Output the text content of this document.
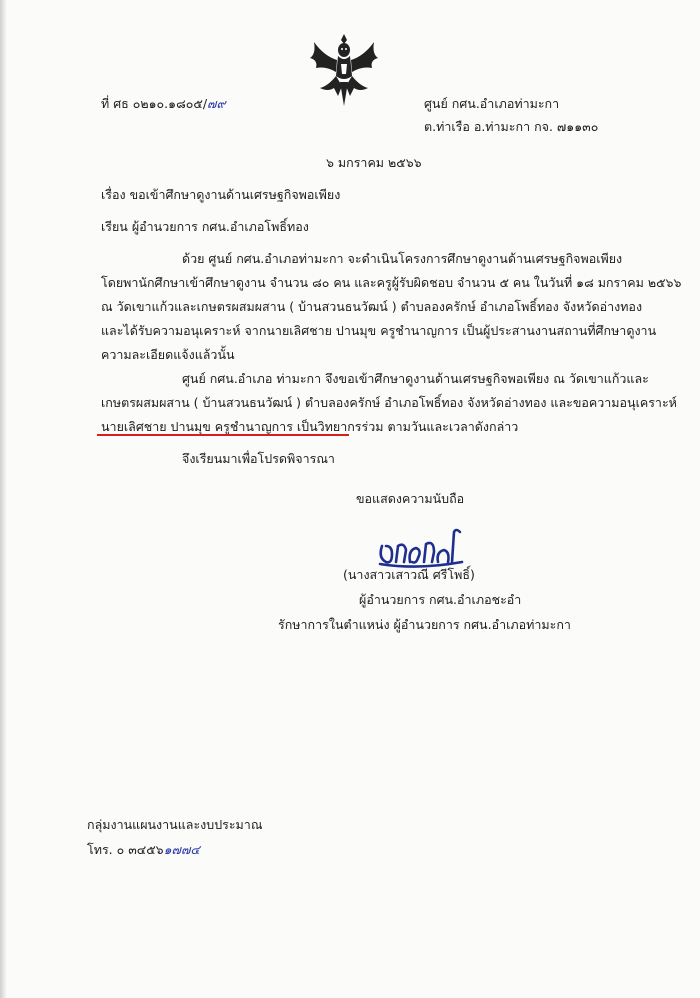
ที่ ศธ ๐๒๑๐.๑๘๐๕/๗๙	ศูนย์ กศน.อำเภอท่ามะกา
ต.ท่าเรือ อ.ท่ามะกา กจ. ๗๑๑๓๐
๖ มกราคม ๒๕๖๖
เรื่อง ขอเข้าศึกษาดูงานด้านเศรษฐกิจพอเพียง
เรียน ผู้อำนวยการ กศน.อำเภอโพธิ์ทอง
ด้วย ศูนย์ กศน.อำเภอท่ามะกา จะดำเนินโครงการศึกษาดูงานด้านเศรษฐกิจพอเพียง
โดยพานักศึกษาเข้าศึกษาดูงาน จำนวน ๘๐ คน และครูผู้รับผิดชอบ จำนวน ๕ คน ในวันที่ ๑๘ มกราคม ๒๕๖๖
ณ วัดเขาแก้วและเกษตรผสมผสาน ( บ้านสวนธนวัฒน์ ) ตำบลองครักษ์ อำเภอโพธิ์ทอง จังหวัดอ่างทอง
และได้รับความอนุเคราะห์ จากนายเลิศชาย ปานมุข ครูชำนาญการ เป็นผู้ประสานงานสถานที่ศึกษาดูงาน
ความละเอียดแจ้งแล้วนั้น
ศูนย์ กศน.อำเภอ ท่ามะกา จึงขอเข้าศึกษาดูงานด้านเศรษฐกิจพอเพียง ณ วัดเขาแก้วและ
เกษตรผสมผสาน ( บ้านสวนธนวัฒน์ ) ตำบลองครักษ์ อำเภอโพธิ์ทอง จังหวัดอ่างทอง และขอความอนุเคราะห์
นายเลิศชาย ปานมุข ครูชำนาญการ เป็นวิทยากรร่วม ตามวันและเวลาดังกล่าว
จึงเรียนมาเพื่อโปรดพิจารณา
ขอแสดงความนับถือ
(นางสาวเสาวณี ศรีโพธิ์)
ผู้อำนวยการ กศน.อำเภอชะอำ
รักษาการในตำแหน่ง ผู้อำนวยการ กศน.อำเภอท่ามะกา
กลุ่มงานแผนงานและงบประมาณ
โทร. ๐ ๓๔๕๖๑๗๗๔
